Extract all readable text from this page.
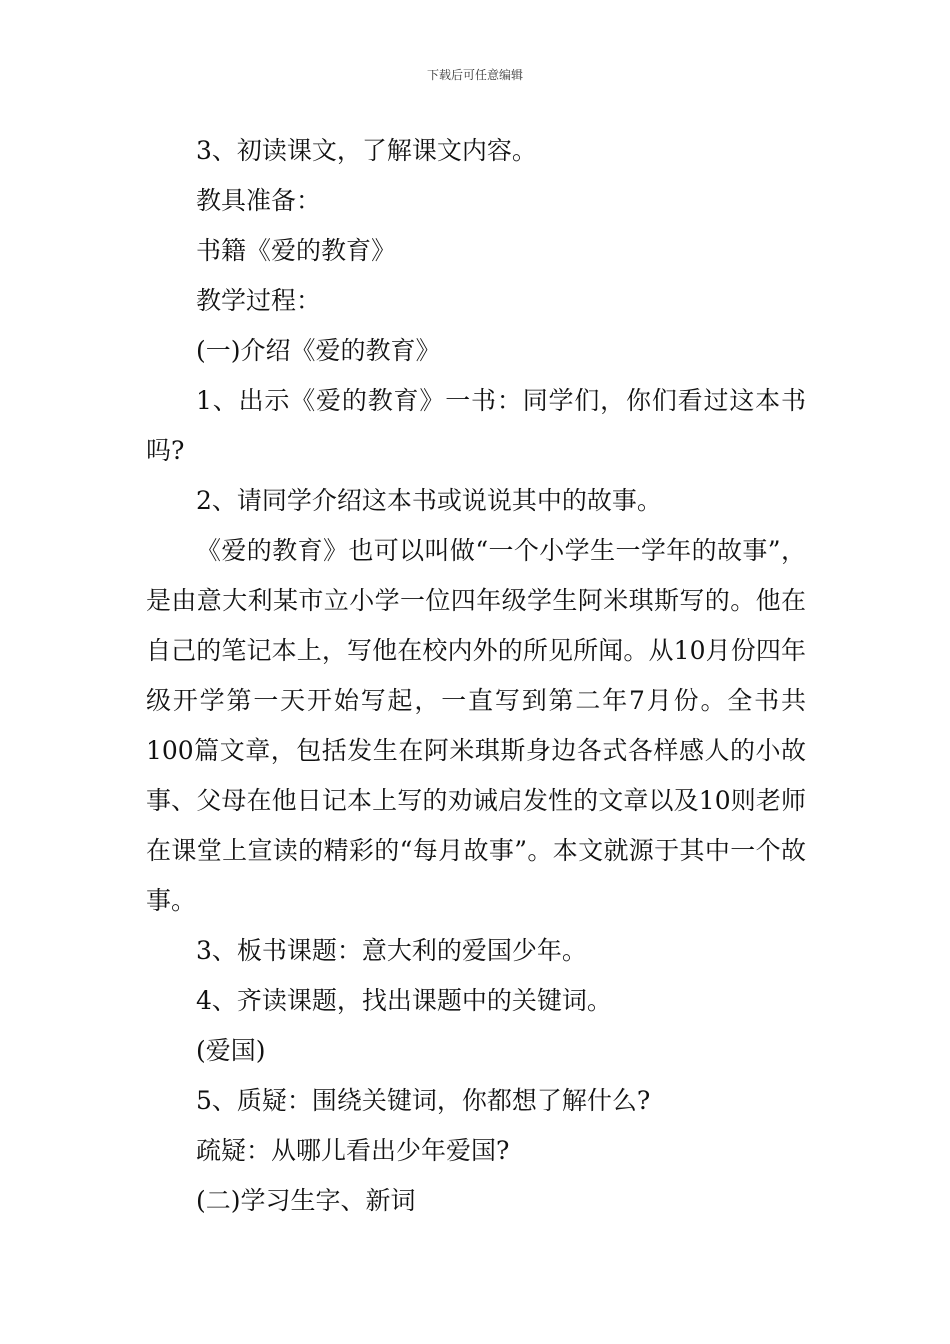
下载后可任意编辑

3、初读课文，了解课文内容。

教具准备：

书籍《爱的教育》

教学过程：

(一)介绍《爱的教育》

1、出示《爱的教育》一书：同学们，你们看过这本书吗?

2、请同学介绍这本书或说说其中的故事。

《爱的教育》也可以叫做“一个小学生一学年的故事”，是由意大利某市立小学一位四年级学生阿米琪斯写的。他在自己的笔记本上，写他在校内外的所见所闻。从10月份四年级开学第一天开始写起，一直写到第二年7月份。全书共100篇文章，包括发生在阿米琪斯身边各式各样感人的小故事、父母在他日记本上写的劝诫启发性的文章以及10则老师在课堂上宣读的精彩的“每月故事”。本文就源于其中一个故事。

3、板书课题：意大利的爱国少年。

4、齐读课题，找出课题中的关键词。

(爱国)

5、质疑：围绕关键词，你都想了解什么?

疏疑：从哪儿看出少年爱国?

(二)学习生字、新词
